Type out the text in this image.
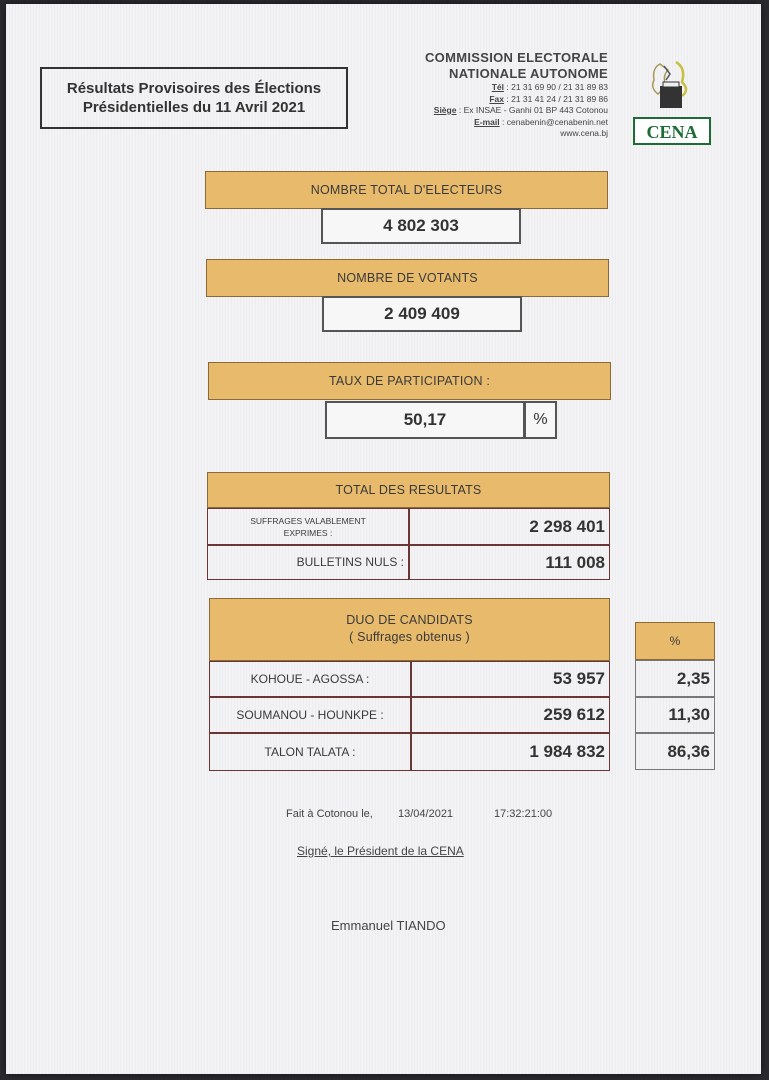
Résultats Provisoires des Élections
Présidentielles du 11 Avril 2021
COMMISSION ELECTORALE
NATIONALE AUTONOME
Tél : 21 31 69 90 / 21 31 89 83
Fax : 21 31 41 24 / 21 31 89 86
Siège : Ex INSAE - Ganhi 01 BP 443 Cotonou
E-mail : cenabenin@cenabenin.net
www.cena.bj CENA
NOMBRE TOTAL D'ELECTEURS
4 802 303
NOMBRE DE VOTANTS
2 409 409
TAUX DE PARTICIPATION :
50,17	%
TOTAL DES RESULTATS
SUFFRAGES VALABLEMENT
EXPRIMES :	2 298 401
BULLETINS NULS :	111 008
DUO DE CANDIDATS
( Suffrages obtenus )	%
KOHOUE - AGOSSA :	53 957	2,35
SOUMANOU - HOUNKPE :	259 612	11,30
TALON TALATA :	1 984 832	86,36
Fait à Cotonou le, 13/04/2021	17:32:21:00
Signé, le Président de la CENA
Emmanuel TIANDO
